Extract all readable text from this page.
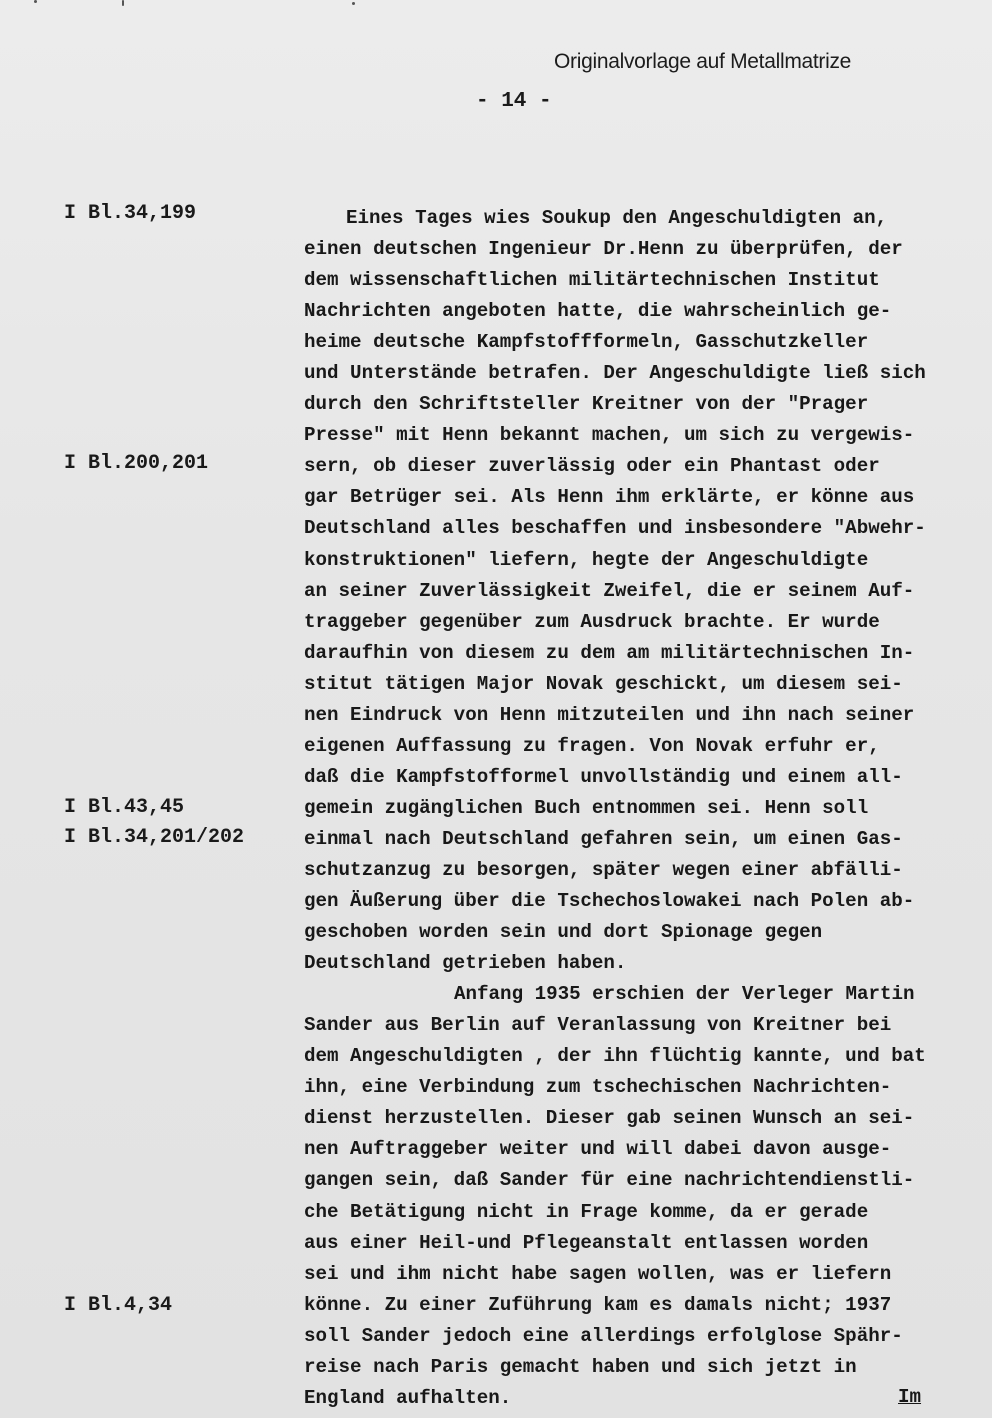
Originalvorlage auf Metallmatrize
- 14 -
I Bl.34,199
I Bl.200,201
I Bl.43,45
I Bl.34,201/202
I Bl.4,34
Eines Tages wies Soukup den Angeschuldigten an,
einen deutschen Ingenieur Dr.Henn zu überprüfen, der
dem wissenschaftlichen militärtechnischen Institut
Nachrichten angeboten hatte, die wahrscheinlich ge-
heime deutsche Kampfstoffformeln, Gasschutzkeller
und Unterstände betrafen. Der Angeschuldigte ließ sich
durch den Schriftsteller Kreitner von der "Prager
Presse" mit Henn bekannt machen, um sich zu vergewis-
sern, ob dieser zuverlässig oder ein Phantast oder
gar Betrüger sei. Als Henn ihm erklärte, er könne aus
Deutschland alles beschaffen und insbesondere "Abwehr-
konstruktionen" liefern, hegte der Angeschuldigte
an seiner Zuverlässigkeit Zweifel, die er seinem Auf-
traggeber gegenüber zum Ausdruck brachte. Er wurde
daraufhin von diesem zu dem am militärtechnischen In-
stitut tätigen Major Novak geschickt, um diesem sei-
nen Eindruck von Henn mitzuteilen und ihn nach seiner
eigenen Auffassung zu fragen. Von Novak erfuhr er,
daß die Kampfstofformel unvollständig und einem all-
gemein zugänglichen Buch entnommen sei. Henn soll
einmal nach Deutschland gefahren sein, um einen Gas-
schutzanzug zu besorgen, später wegen einer abfälli-
gen Äußerung über die Tschechoslowakei nach Polen ab-
geschoben worden sein und dort Spionage gegen
Deutschland getrieben haben.
Anfang 1935 erschien der Verleger Martin
Sander aus Berlin auf Veranlassung von Kreitner bei
dem Angeschuldigten , der ihn flüchtig kannte, und bat
ihn, eine Verbindung zum tschechischen Nachrichten-
dienst herzustellen. Dieser gab seinen Wunsch an sei-
nen Auftraggeber weiter und will dabei davon ausge-
gangen sein, daß Sander für eine nachrichtendienstli-
che Betätigung nicht in Frage komme, da er gerade
aus einer Heil-und Pflegeanstalt entlassen worden
sei und ihm nicht habe sagen wollen, was er liefern
könne. Zu einer Zuführung kam es damals nicht; 1937
soll Sander jedoch eine allerdings erfolglose Spähr-
reise nach Paris gemacht haben und sich jetzt in
England aufhalten.	Im
